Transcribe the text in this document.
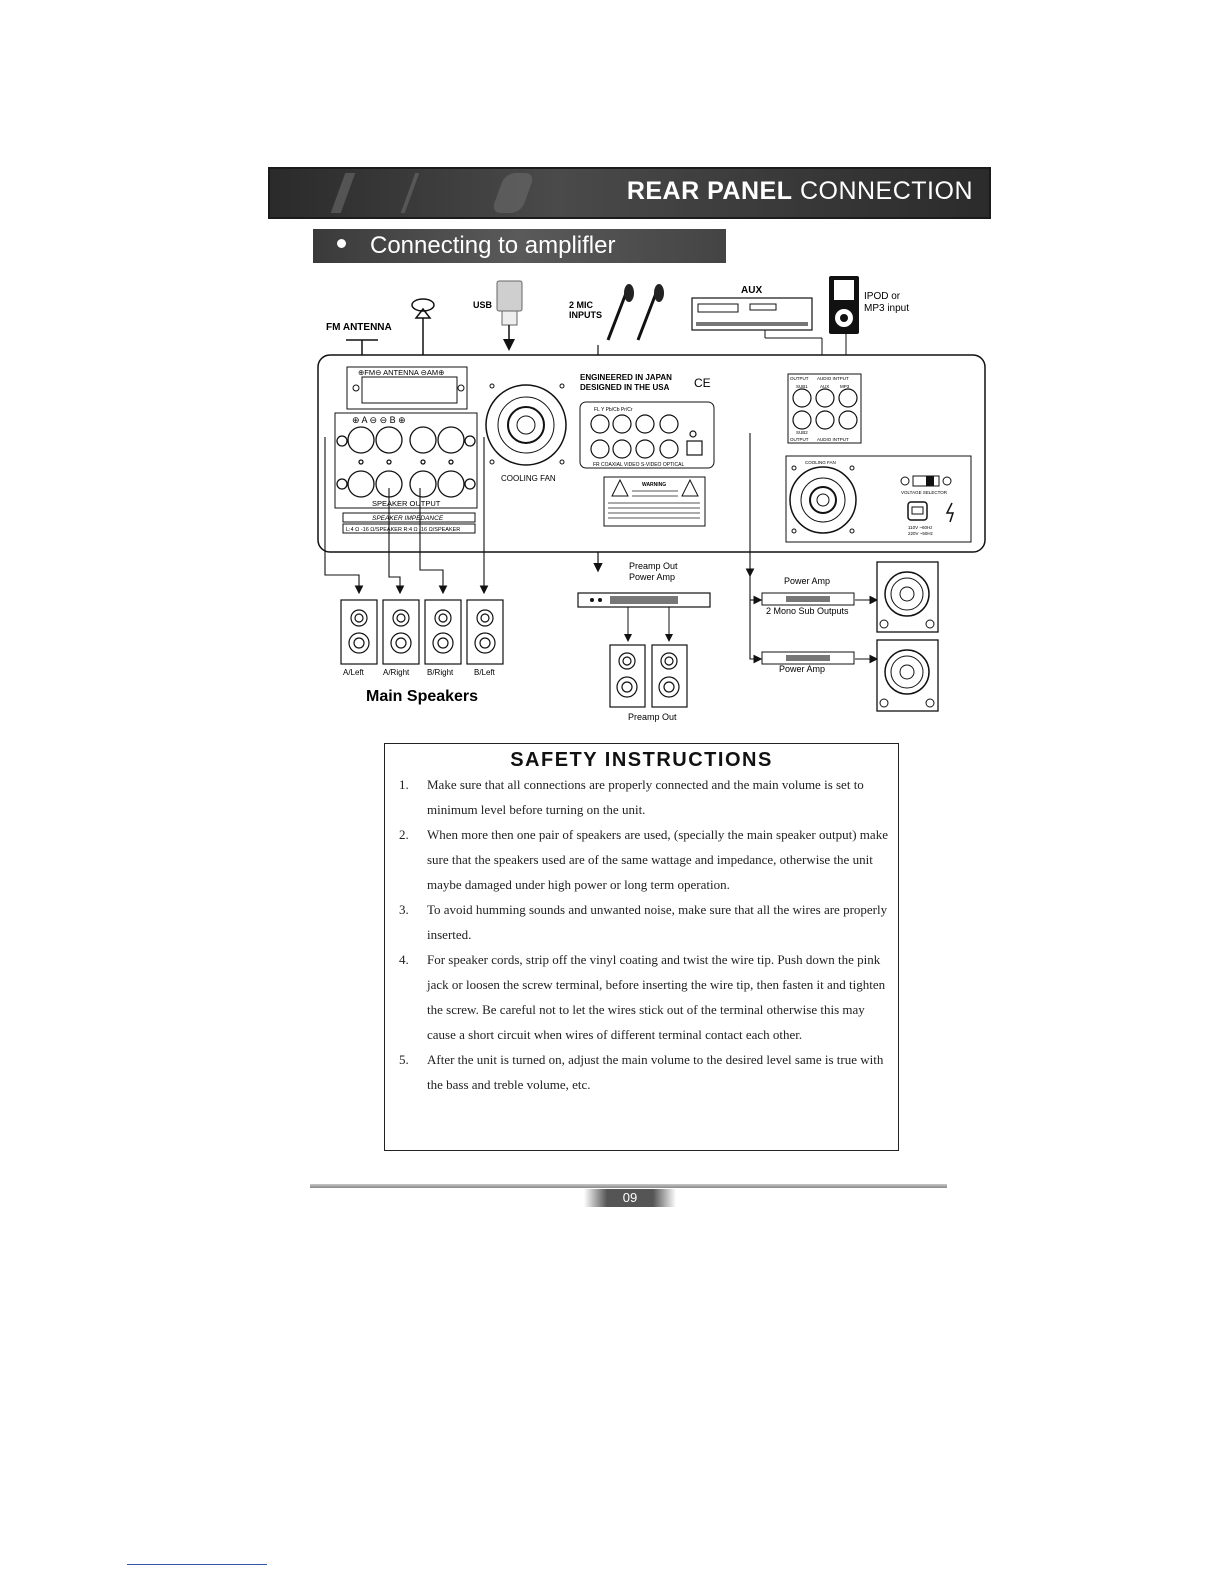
REAR PANEL CONNECTION
Connecting to amplifler
FM ANTENNA
USB	2 MIC
INPUTS
AUX
IPOD or
MP3 input
⊕FM⊖ ANTENNA ⊖AM⊕
⊕ A ⊖ ⊖ B ⊕
SPEAKER OUTPUT
SPEAKER IMPEDANCE
L:4 Ω -16 Ω/SPEAKER R:4 Ω -16 Ω/SPEAKER
COOLING FAN
ENGINEERED IN JAPAN
DESIGNED IN THE USA CE
FL Y Pb/Cb Pr/Cr
FR COAXIAL VIDEO S-VIDEO OPTICAL
WARNING
OUTPUT AUDIO INTPUT
SUB1	AUX MP3
SUB2
OUTPUT AUDIO INTPUT
COOLING FAN
VOLTAGE SELECTOR
110V ~60Hz
220V ~50Hz
A/Left A/Right B/Right	B/Left
Main Speakers
Preamp Out
Power Amp
Preamp Out
Power Amp
2 Mono Sub Outputs
Power Amp
SAFETY INSTRUCTIONS
1. Make sure that all connections are properly connected and the main volume is set to minimum level before turning on the unit.
2. When more then one pair of speakers are used, (specially the main speaker output) make sure that the speakers used are of the same wattage and impedance, otherwise the unit maybe damaged under high power or long term operation.
3. To avoid humming sounds and unwanted noise, make sure that all the wires are properly inserted.
4. For speaker cords, strip off the vinyl coating and twist the wire tip. Push down the pink jack or loosen the screw terminal, before inserting the wire tip, then fasten it and tighten the screw. Be careful not to let the wires stick out of the terminal otherwise this may cause a short circuit when wires of different terminal contact each other.
5. After the unit is turned on, adjust the main volume to the desired level same is true with the bass and treble volume, etc.
09
